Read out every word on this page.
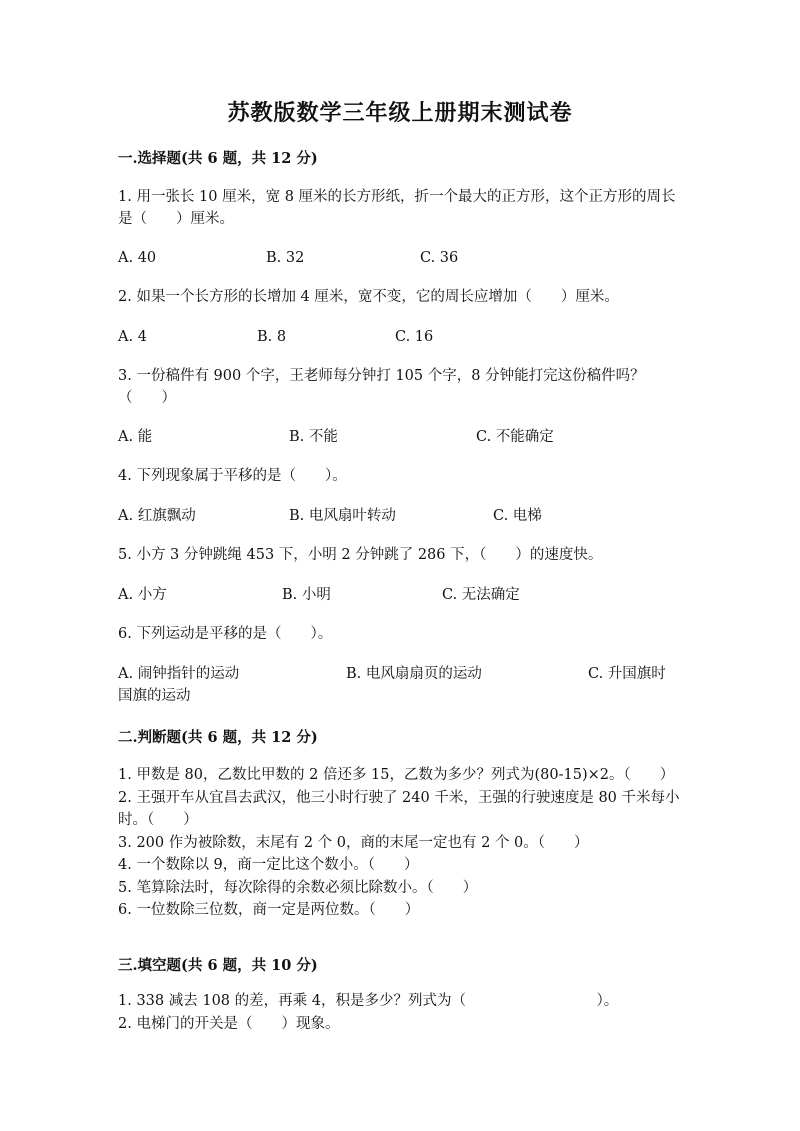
苏教版数学三年级上册期末测试卷
一.选择题(共 6 题，共 12 分)
1. 用一张长 10 厘米，宽 8 厘米的长方形纸，折一个最大的正方形，这个正方形的周长是（　　）厘米。
A. 40	B. 32	C. 36
2. 如果一个长方形的长增加 4 厘米，宽不变，它的周长应增加（　　）厘米。
A. 4	B. 8	C. 16
3. 一份稿件有 900 个字，王老师每分钟打 105 个字，8 分钟能打完这份稿件吗？（　　）
A. 能	B. 不能	C. 不能确定
4. 下列现象属于平移的是（　　）。
A. 红旗飘动	B. 电风扇叶转动	C. 电梯
5. 小方 3 分钟跳绳 453 下，小明 2 分钟跳了 286 下，（　　）的速度快。
A. 小方	B. 小明	C. 无法确定
6. 下列运动是平移的是（　　）。
A. 闹钟指针的运动	B. 电风扇扇页的运动	C. 升国旗时
国旗的运动
二.判断题(共 6 题，共 12 分)
1. 甲数是 80，乙数比甲数的 2 倍还多 15，乙数为多少？列式为(80-15)×2。（　　）
2. 王强开车从宜昌去武汉，他三小时行驶了 240 千米，王强的行驶速度是 80 千米每小时。（　　）
3. 200 作为被除数，末尾有 2 个 0，商的末尾一定也有 2 个 0。（　　）
4. 一个数除以 9，商一定比这个数小。（　　）
5. 笔算除法时，每次除得的余数必须比除数小。（　　）
6. 一位数除三位数，商一定是两位数。（　　）
三.填空题(共 6 题，共 10 分)
1. 338 减去 108 的差，再乘 4，积是多少？列式为（　　　　　　　　　）。
2. 电梯门的开关是（　　）现象。
